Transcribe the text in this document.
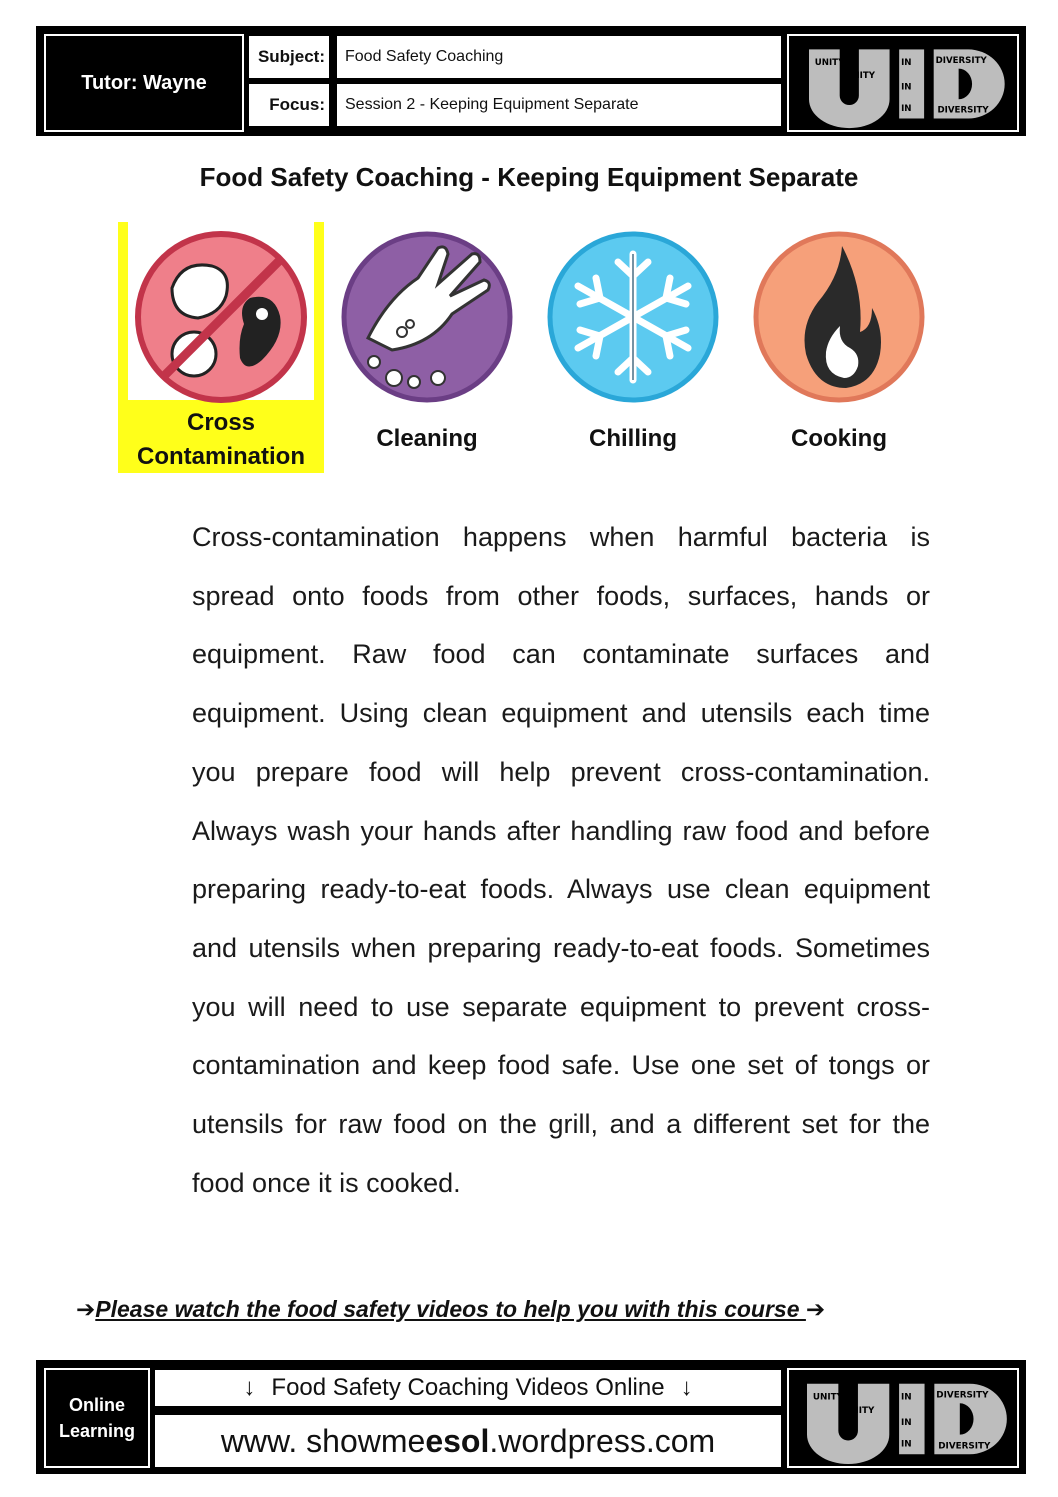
Tutor: Wayne
Subject:	Food Safety Coaching
Focus:	Session 2 - Keeping Equipment Separate
UNITY
UNITY
IN
IN
IN
DIVERSITY
DIVERSITY
Food Safety Coaching - Keeping Equipment Separate
Cross
Contamination
Cleaning	Chilling	Cooking
Cross-contamination happens when harmful bacteria is spread onto foods from other foods, surfaces, hands or equipment. Raw food can contaminate surfaces and equipment. Using clean equipment and utensils each time you prepare food will help prevent cross-contamination. Always wash your hands after handling raw food and before preparing ready-to-eat foods. Always use clean equipment and utensils when preparing ready-to-eat foods. Sometimes you will need to use separate equipment to prevent cross-contamination and keep food safe. Use one set of tongs or utensils for raw food on the grill, and a different set for the food once it is cooked.
➔Please watch the food safety videos to help you with this course ➔
Online
Learning
↓ Food Safety Coaching Videos Online ↓
www. showme esol .wordpress.com
UNITY
UNITY
IN
IN
IN
DIVERSITY
DIVERSITY
